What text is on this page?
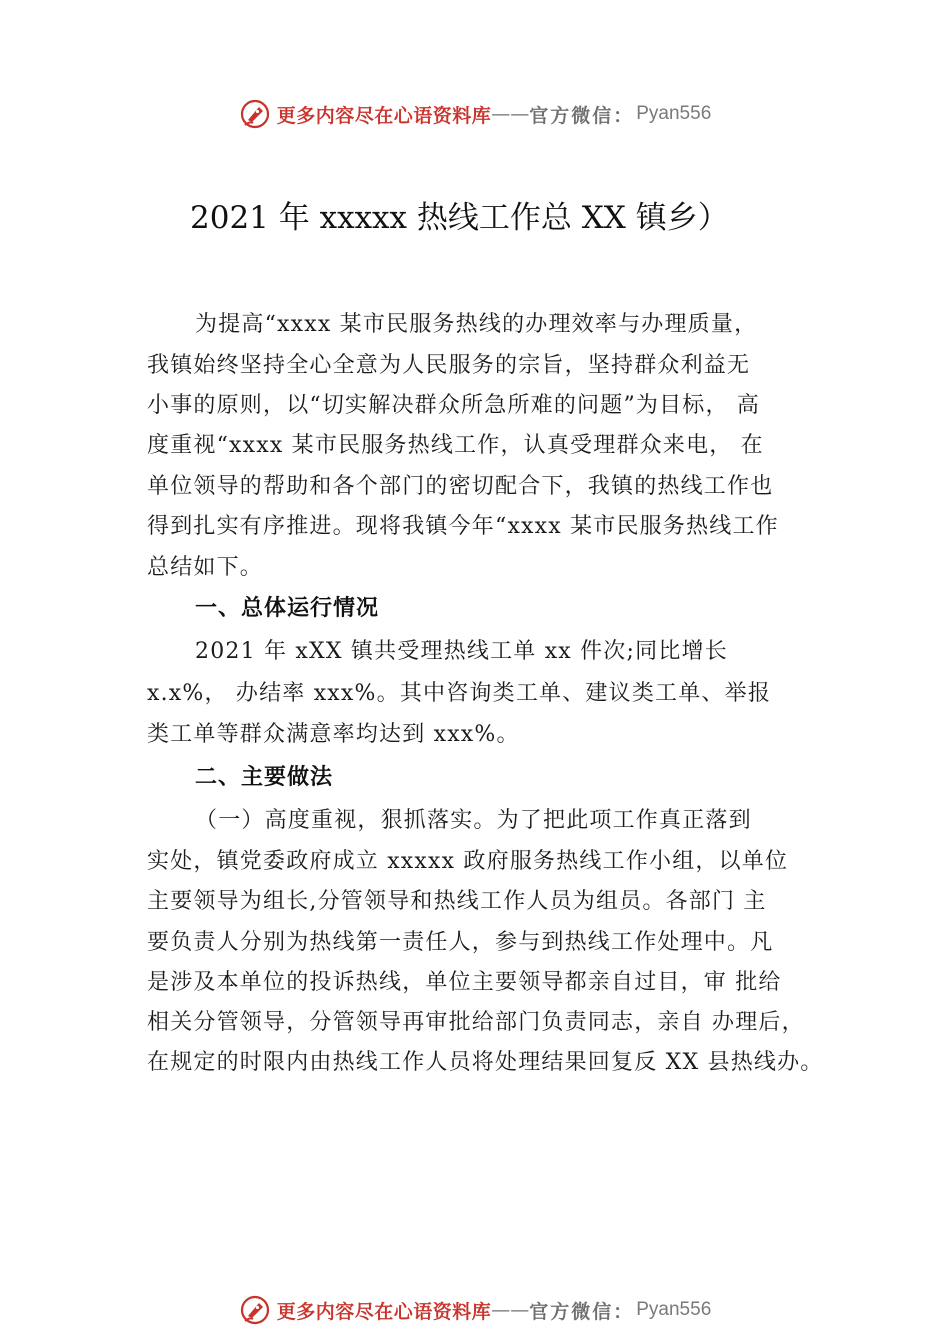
更多内容尽在心语资料库 —— 官方微信： Pyan556
2021 年 xxxxx 热线工作总 XX 镇乡）
为提高“xxxx 某市民服务热线的办理效率与办理质量，
我镇始终坚持全心全意为人民服务的宗旨，坚持群众利益无
小事的原则，以“切实解决群众所急所难的问题”为目标， 高
度重视“xxxx 某市民服务热线工作，认真受理群众来电， 在
单位领导的帮助和各个部门的密切配合下，我镇的热线工作也
得到扎实有序推进。现将我镇今年“xxxx 某市民服务热线工作
总结如下。
一、总体运行情况
2021 年 xXX 镇共受理热线工单 xx 件次;同比增长
x.x%， 办结率 xxx%。其中咨询类工单、建议类工单、举报
类工单等群众满意率均达到 xxx%。
二、主要做法
（一）高度重视，狠抓落实。为了把此项工作真正落到
实处，镇党委政府成立 xxxxx 政府服务热线工作小组，以单位
主要领导为组长,分管领导和热线工作人员为组员。各部门 主
要负责人分别为热线第一责任人，参与到热线工作处理中。凡
是涉及本单位的投诉热线，单位主要领导都亲自过目，审 批给
相关分管领导，分管领导再审批给部门负责同志，亲自 办理后，
在规定的时限内由热线工作人员将处理结果回复反 XX 县热线办。
更多内容尽在心语资料库 —— 官方微信： Pyan556
